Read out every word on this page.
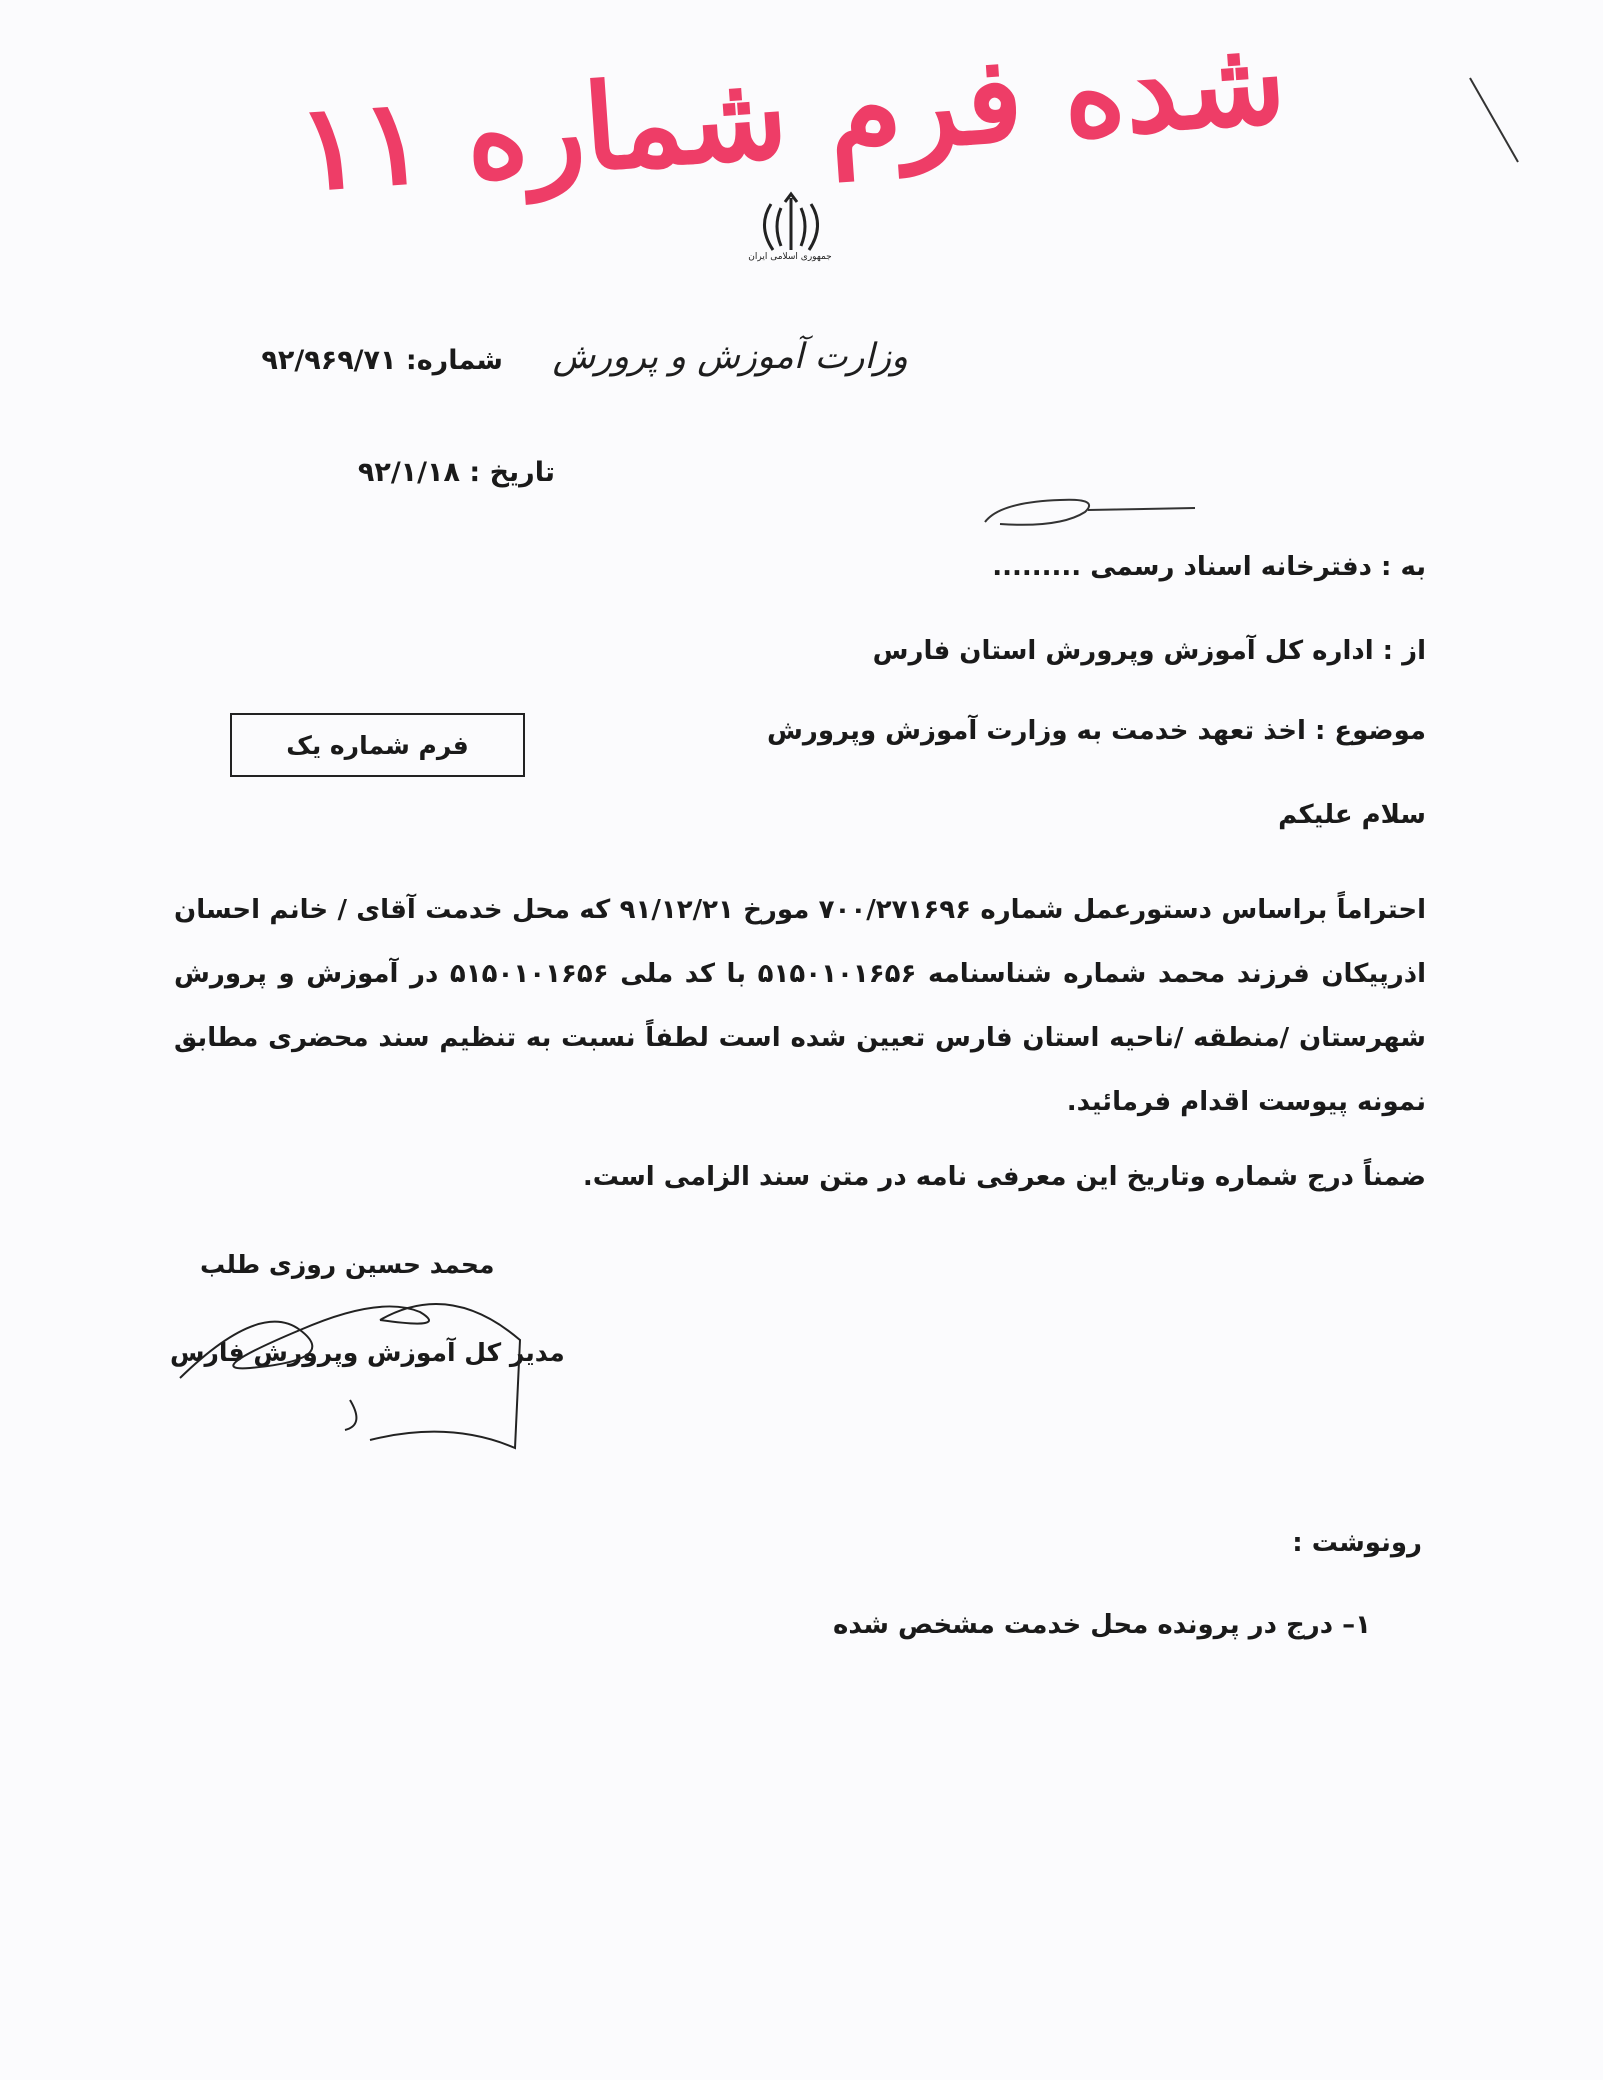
شده فرم شماره ۱۱
جمهوری اسلامی ایران
وزارت آموزش و پرورش
شماره: ۹۲/۹۶۹/۷۱
تاریخ : ۹۲/۱/۱۸
به : دفترخانه اسناد رسمی .........
از : اداره کل آموزش وپرورش استان فارس
موضوع : اخذ تعهد خدمت به وزارت آموزش وپرورش
فرم شماره یک
سلام علیکم
احتراماً براساس دستورعمل شماره ۷۰۰/۲۷۱۶۹۶ مورخ ۹۱/۱۲/۲۱ که محل خدمت آقای / خانم احسان اذرپیکان فرزند محمد شماره شناسنامه ۵۱۵۰۱۰۱۶۵۶ با کد ملی ۵۱۵۰۱۰۱۶۵۶ در آموزش و پرورش شهرستان /منطقه /ناحیه استان فارس تعیین شده است لطفاً نسبت به تنظیم سند محضری مطابق نمونه پیوست اقدام فرمائید.
ضمناً درج شماره وتاریخ این معرفی نامه در متن سند الزامی است.
محمد حسین روزی طلب
مدیر کل آموزش وپرورش فارس
رونوشت :
۱– درج در پرونده محل خدمت مشخص شده
